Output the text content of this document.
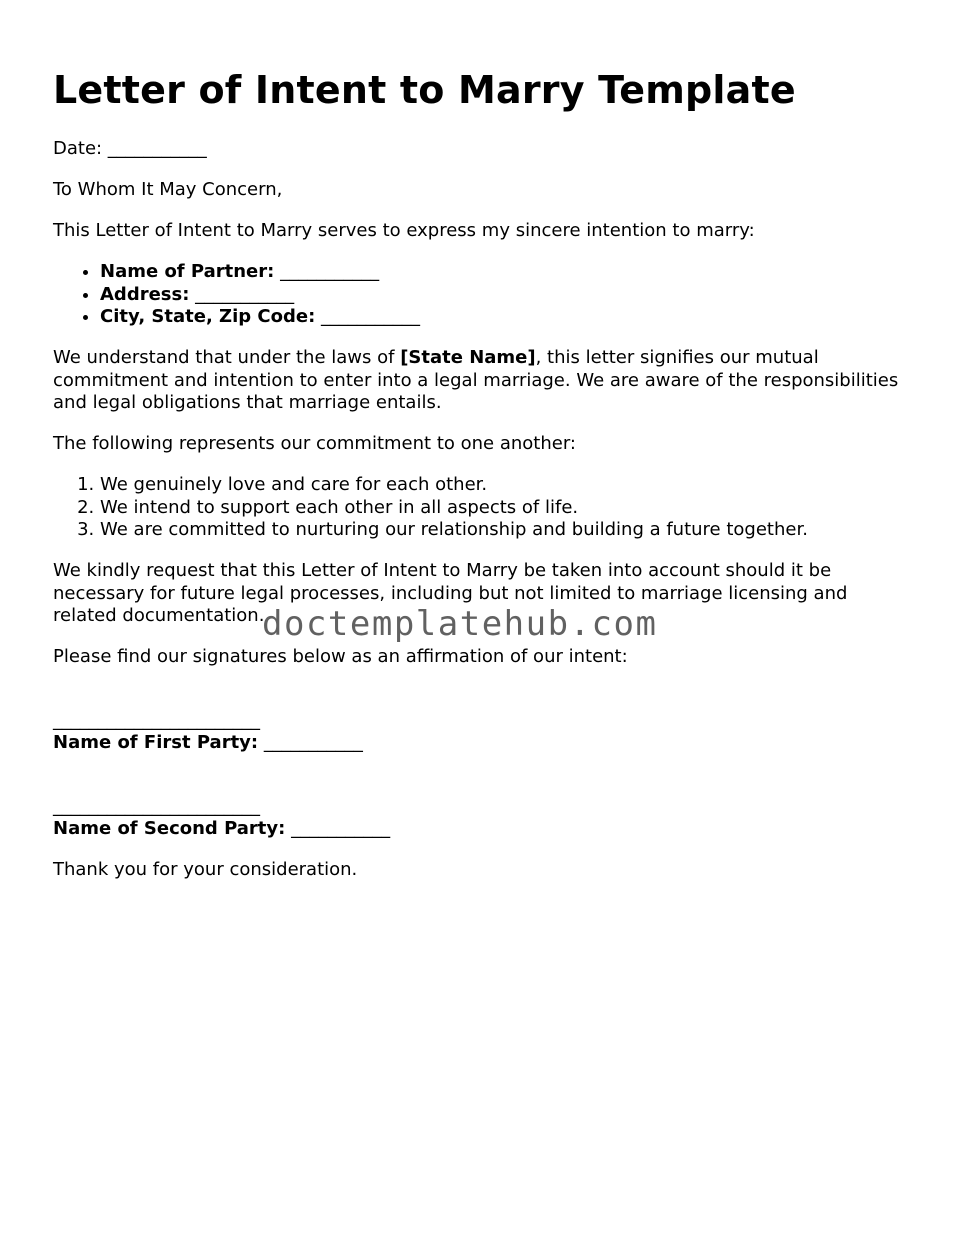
Letter of Intent to Marry Template

Date: ___________

To Whom It May Concern,

This Letter of Intent to Marry serves to express my sincere intention to marry:

• Name of Partner: ___________
• Address: ___________
• City, State, Zip Code: ___________

We understand that under the laws of [State Name], this letter signifies our mutual commitment and intention to enter into a legal marriage. We are aware of the responsibilities and legal obligations that marriage entails.

The following represents our commitment to one another:

1. We genuinely love and care for each other.
2. We intend to support each other in all aspects of life.
3. We are committed to nurturing our relationship and building a future together.

We kindly request that this Letter of Intent to Marry be taken into account should it be necessary for future legal processes, including but not limited to marriage licensing and related documentation.

Please find our signatures below as an affirmation of our intent:

_______________________
Name of First Party: ___________
_______________________
Name of Second Party: ___________

Thank you for your consideration.

doctemplatehub.com
